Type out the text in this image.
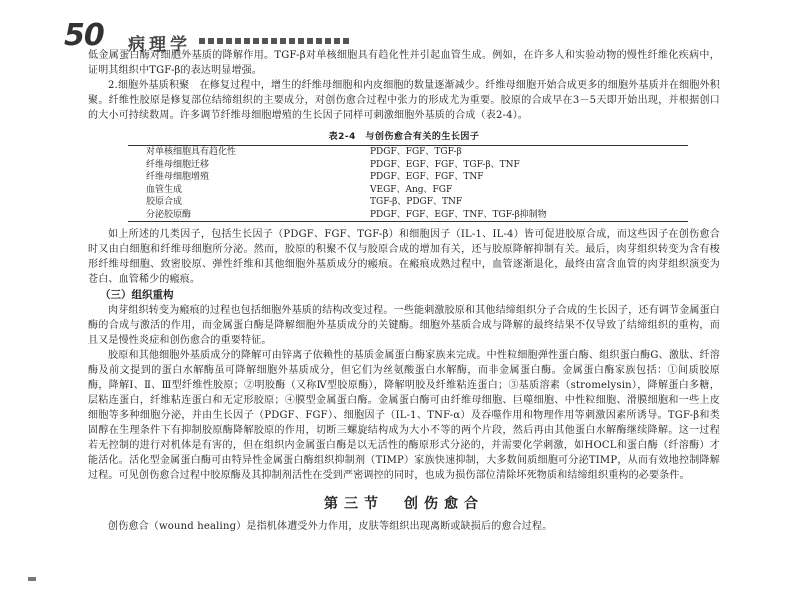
50 病理学

低金属蛋白酶对细胞外基质的降解作用。TGF-β对单核细胞具有趋化性并引起血管生成。例如，在许多人和实验动物的慢性纤维化疾病中，证明其组织中TGF-β的表达明显增强。

2.细胞外基质积聚　在修复过程中，增生的纤维母细胞和内皮细胞的数量逐渐减少。纤维母细胞开始合成更多的细胞外基质并在细胞外积聚。纤维性胶原是修复部位结缔组织的主要成分，对创伤愈合过程中张力的形成尤为重要。胶原的合成早在3－5天即开始出现，并根据创口的大小可持续数周。许多调节纤维母细胞增殖的生长因子同样可刺激细胞外基质的合成（表2-4）。

表2-4　与创伤愈合有关的生长因子
对单核细胞具有趋化性	PDGF、FGF、TGF-β
纤维母细胞迁移	PDGF、EGF、FGF、TGF-β、TNF
纤维母细胞增殖	PDGF、EGF、FGF、TNF
血管生成	VEGF、Ang、FGF
胶原合成	TGF-β、PDGF、TNF
分泌胶原酶	PDGF、FGF、EGF、TNF、TGF-β抑制物

如上所述的几类因子，包括生长因子（PDGF、FGF、TGF-β）和细胞因子（IL-1、IL-4）皆可促进胶原合成，而这些因子在创伤愈合时又由白细胞和纤维母细胞所分泌。然而，胶原的积聚不仅与胶原合成的增加有关，还与胶原降解抑制有关。最后，肉芽组织转变为含有梭形纤维母细胞、致密胶原、弹性纤维和其他细胞外基质成分的瘢痕。在瘢痕成熟过程中，血管逐渐退化，最终由富含血管的肉芽组织演变为苍白、血管稀少的瘢痕。

（三）组织重构

肉芽组织转变为瘢痕的过程也包括细胞外基质的结构改变过程。一些能刺激胶原和其他结缔组织分子合成的生长因子，还有调节金属蛋白酶的合成与激活的作用，而金属蛋白酶是降解细胞外基质成分的关键酶。细胞外基质合成与降解的最终结果不仅导致了结缔组织的重构，而且又是慢性炎症和创伤愈合的重要特征。

胶原和其他细胞外基质成分的降解可由锌离子依赖性的基质金属蛋白酶家族来完成。中性粒细胞弹性蛋白酶、组织蛋白酶G、激肽、纤溶酶及前文提到的蛋白水解酶虽可降解细胞外基质成分，但它们为丝氨酸蛋白水解酶，而非金属蛋白酶。金属蛋白酶家族包括：①间质胶原酶，降解Ⅰ、Ⅱ、Ⅲ型纤维性胶原；②明胶酶（又称Ⅳ型胶原酶），降解明胶及纤维粘连蛋白；③基质溶素（stromelysin），降解蛋白多糖，层粘连蛋白，纤维粘连蛋白和无定形胶原；④膜型金属蛋白酶。金属蛋白酶可由纤维母细胞、巨噬细胞、中性粒细胞、滑膜细胞和一些上皮细胞等多种细胞分泌，并由生长因子（PDGF、FGF）、细胞因子（IL-1、TNF-α）及吞噬作用和物理作用等刺激因素所诱导。TGF-β和类固醇在生理条件下有抑制胶原酶降解胶原的作用，切断三螺旋结构成为大小不等的两个片段，然后再由其他蛋白水解酶继续降解。这一过程若无控制的进行对机体是有害的，但在组织内金属蛋白酶是以无活性的酶原形式分泌的，并需要化学刺激，如HOCL和蛋白酶（纤溶酶）才能活化。活化型金属蛋白酶可由特异性金属蛋白酶组织抑制剂（TIMP）家族快速抑制，大多数间质细胞可分泌TIMP，从而有效地控制降解过程。可见创伤愈合过程中胶原酶及其抑制剂活性在受到严密调控的同时，也成为损伤部位清除坏死物质和结缔组织重构的必要条件。

第三节　创伤愈合

创伤愈合（wound healing）是指机体遭受外力作用，皮肤等组织出现离断或缺损后的愈合过程。
